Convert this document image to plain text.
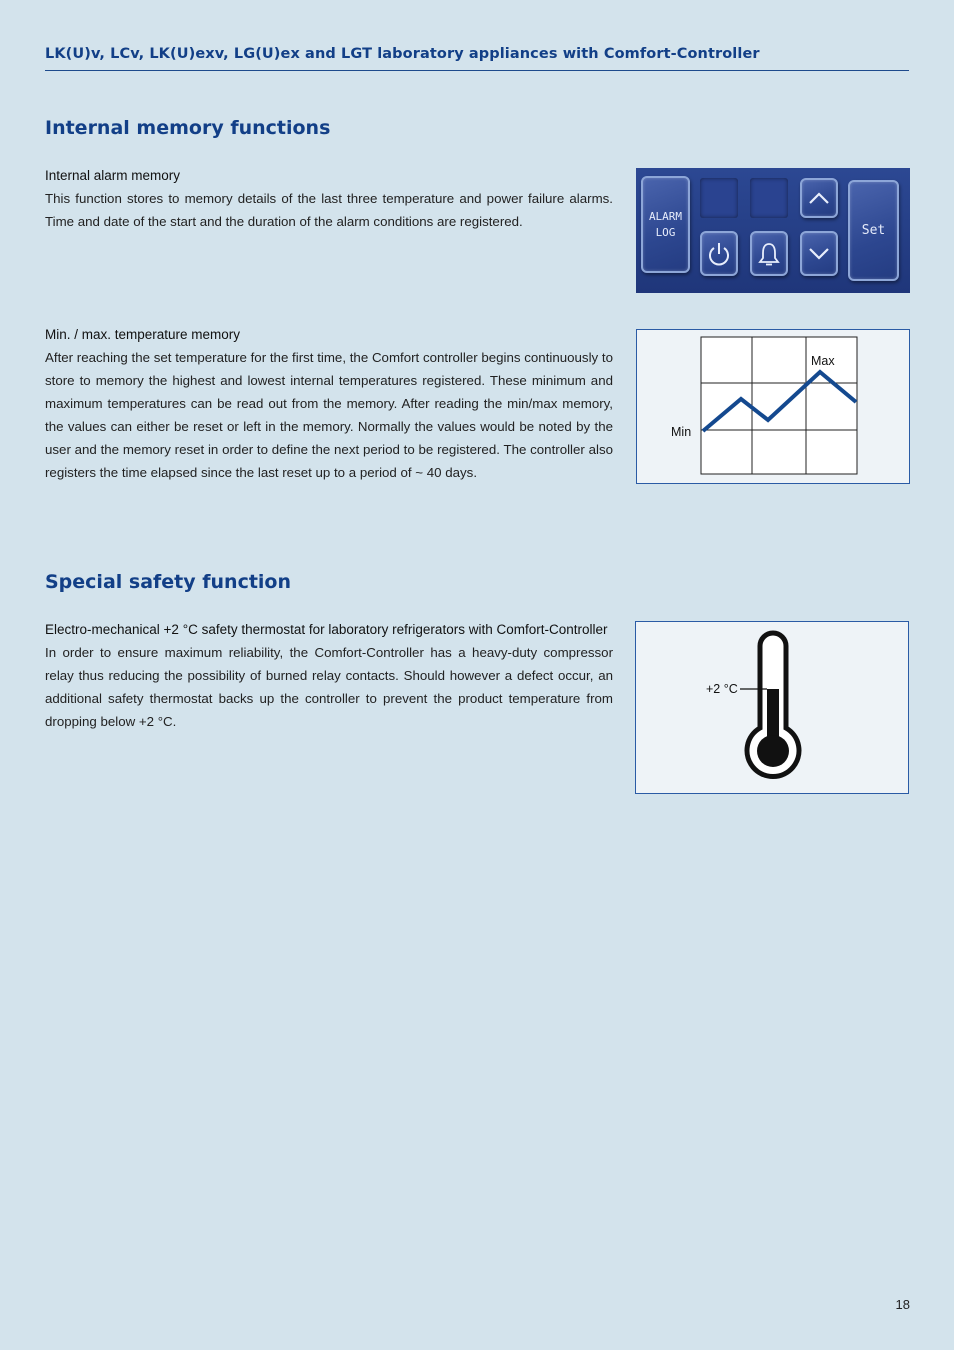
LK(U)v, LCv, LK(U)exv, LG(U)ex and LGT laboratory appliances with Comfort-Controller
Internal memory functions
Internal alarm memory
This function stores to memory details of the last three temperature and power failure alarms. Time and date of the start and the duration of the alarm conditions are registered.	ALARM
LOG	Set
Min. / max. temperature memory
After reaching the set temperature for the first time, the Comfort controller begins continuously to store to memory the highest and lowest internal temperatures registered. These minimum and maximum temperatures can be read out from the memory. After reading the min/max memory, the values can either be reset or left in the memory. Normally the values would be noted by the user and the memory reset in order to define the next period to be registered. The controller also registers the time elapsed since the last reset up to a period of ~ 40 days.
Max
Min
Special safety function
Electro-mechanical +2 °C safety thermostat for laboratory refrigerators with Comfort-Controller
In order to ensure maximum reliability, the Comfort-Controller has a heavy-duty compressor relay thus reducing the possibility of burned relay contacts. Should however a defect occur, an additional safety thermostat backs up the controller to prevent the product temperature from dropping below +2 °C.
+2 °C
18
